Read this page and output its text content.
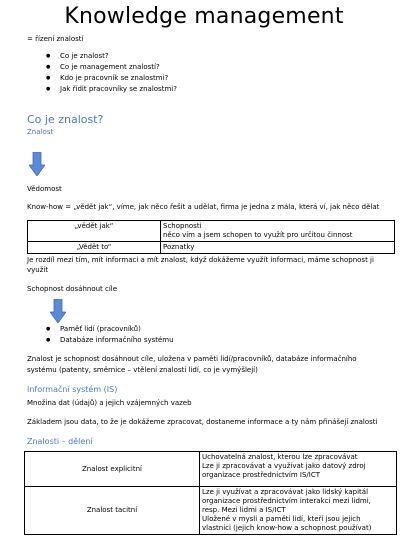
Knowledge management
= řízení znalostí
● Co je znalost?
● Co je management znalostí?
● Kdo je pracovník se znalostmi?
● Jak řídit pracovníky se znalostmi?
Co je znalost?
Znalost
Vědomost
Know-how = „vědět jak“, víme, jak něco řešit a udělat, firma je jedna z mála, která ví, jak něco dělat
„vědět jak“	Schopnosti
něco vím a jsem schopen to využít pro určitou činnost

„Vědět to“	Poznatky
Je rozdíl mezi tím, mít informaci a mít znalost, když dokážeme využít informaci, máme schopnost ji
využít
Schopnost dosáhnout cíle
● Paměť lidí (pracovníků)
● Databáze informačního systému
Znalost je schopnost dosáhnout cíle, uložena v paměti lidí/pracovníků, databáze informačního
systému (patenty, směrnice – vtělení znalostí lidí, co je vymýšlejí)
Informační systém (IS)
Množina dat (údajů) a jejich vzájemných vazeb
Základem jsou data, to že je dokážeme zpracovat, dostaneme informace a ty nám přinášejí znalosti
Znalosti – dělení
Znalost explicitní	Uchovatelná znalost, kterou lze zpracovávat
Lze ji zpracovávat a využívat jako datový zdroj
organizace prostřednictvím IS/ICT

Znalost tacitní	Lze ji využívat a zpracovávat jako lidský kapitál
organizace prostřednictvím interakcí mezi lidmi,
resp. Mezi lidmi a IS/ICT
Uložené v mysli a paměti lidí, kteří jsou jejich
vlastníci (jejich know-how a schopnost používat)
